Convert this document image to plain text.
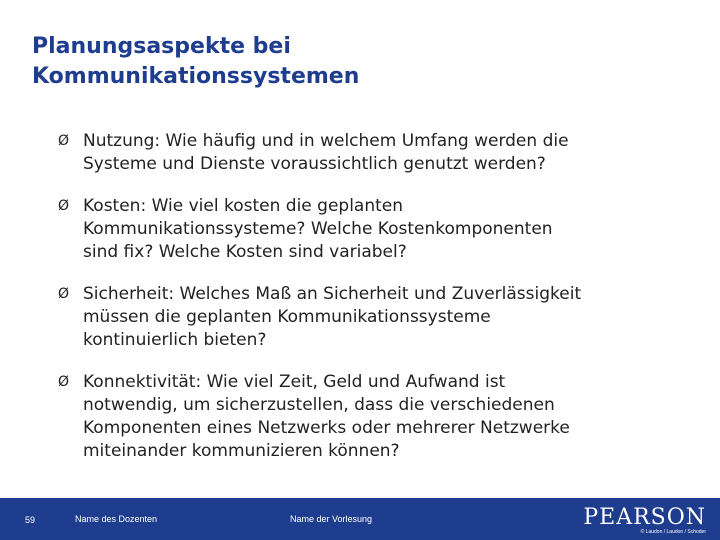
Planungsaspekte bei
Kommunikationssystemen
Ø Nutzung: Wie häufig und in welchem Umfang werden die
Systeme und Dienste voraussichtlich genutzt werden?
Ø Kosten: Wie viel kosten die geplanten
Kommunikationssysteme? Welche Kostenkomponenten
sind fix? Welche Kosten sind variabel?
Ø Sicherheit: Welches Maß an Sicherheit und Zuverlässigkeit
müssen die geplanten Kommunikationssysteme
kontinuierlich bieten?
Ø Konnektivität: Wie viel Zeit, Geld und Aufwand ist
notwendig, um sicherzustellen, dass die verschiedenen
Komponenten eines Netzwerks oder mehrerer Netzwerke
miteinander kommunizieren können?
59	Name des Dozenten	Name der Vorlesung	PEARSON
© Laudon / Laudon / Schoder
